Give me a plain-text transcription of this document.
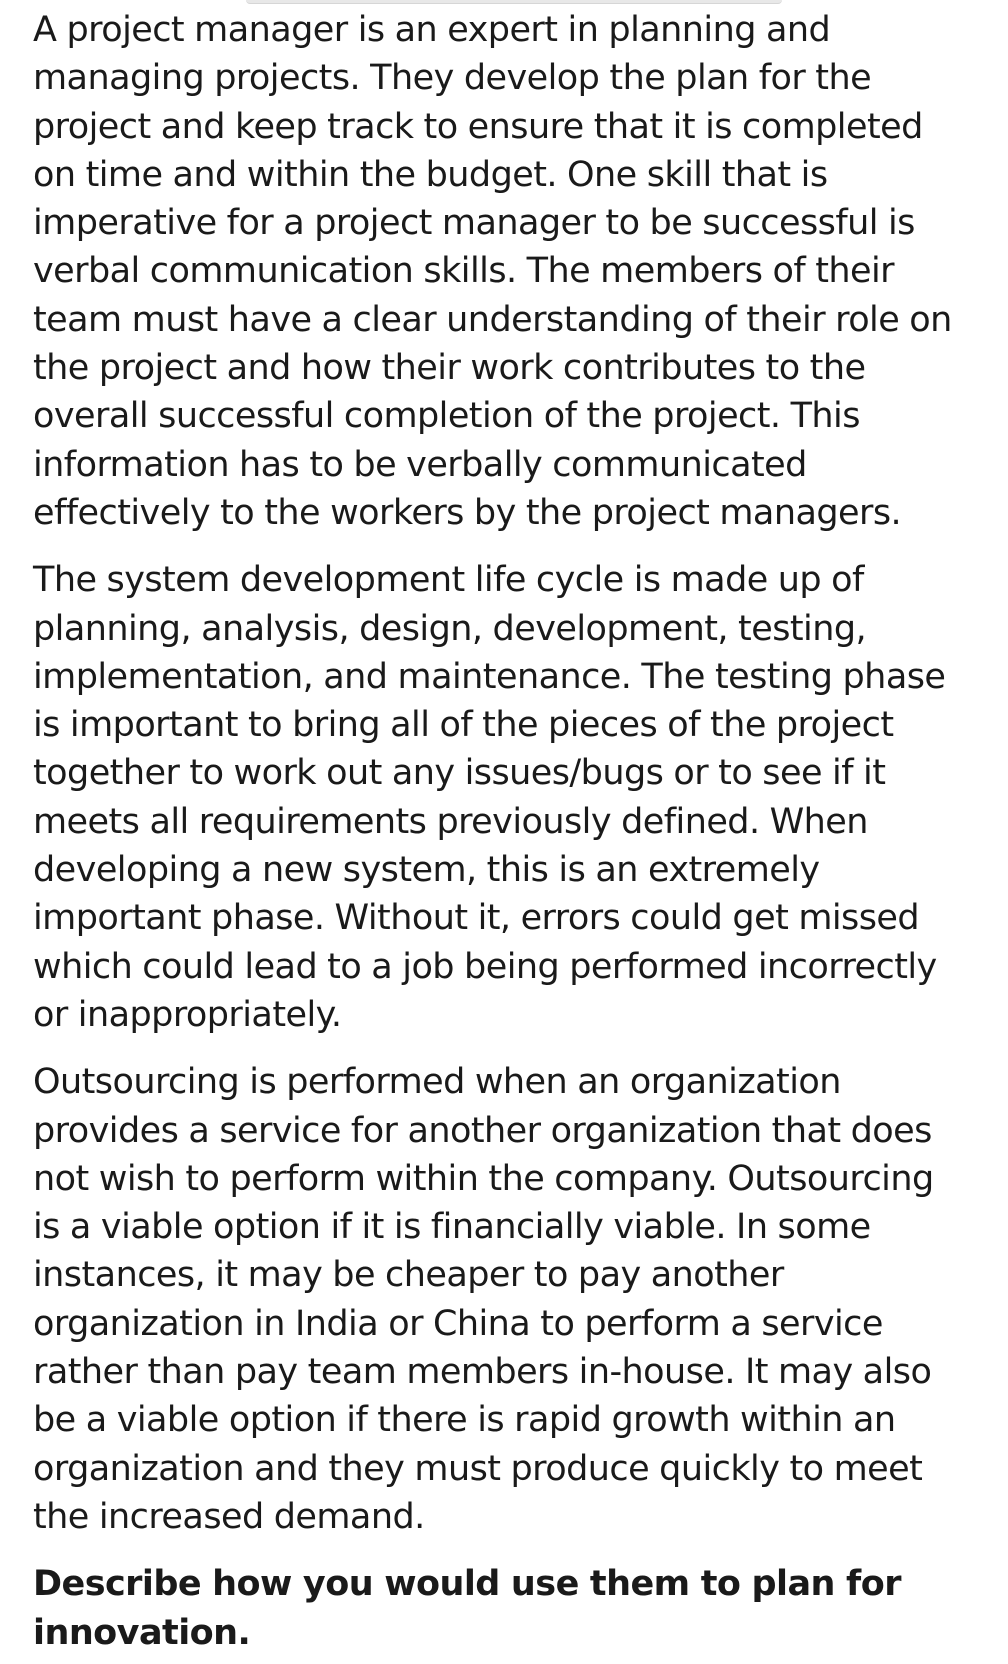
A project manager is an expert in planning and
managing projects. They develop the plan for the
project and keep track to ensure that it is completed
on time and within the budget. One skill that is
imperative for a project manager to be successful is
verbal communication skills. The members of their
team must have a clear understanding of their role on
the project and how their work contributes to the
overall successful completion of the project. This
information has to be verbally communicated
effectively to the workers by the project managers.

The system development life cycle is made up of
planning, analysis, design, development, testing,
implementation, and maintenance. The testing phase
is important to bring all of the pieces of the project
together to work out any issues/bugs or to see if it
meets all requirements previously defined. When
developing a new system, this is an extremely
important phase. Without it, errors could get missed
which could lead to a job being performed incorrectly
or inappropriately.

Outsourcing is performed when an organization
provides a service for another organization that does
not wish to perform within the company. Outsourcing
is a viable option if it is financially viable. In some
instances, it may be cheaper to pay another
organization in India or China to perform a service
rather than pay team members in-house. It may also
be a viable option if there is rapid growth within an
organization and they must produce quickly to meet
the increased demand.

Describe how you would use them to plan for
innovation.
